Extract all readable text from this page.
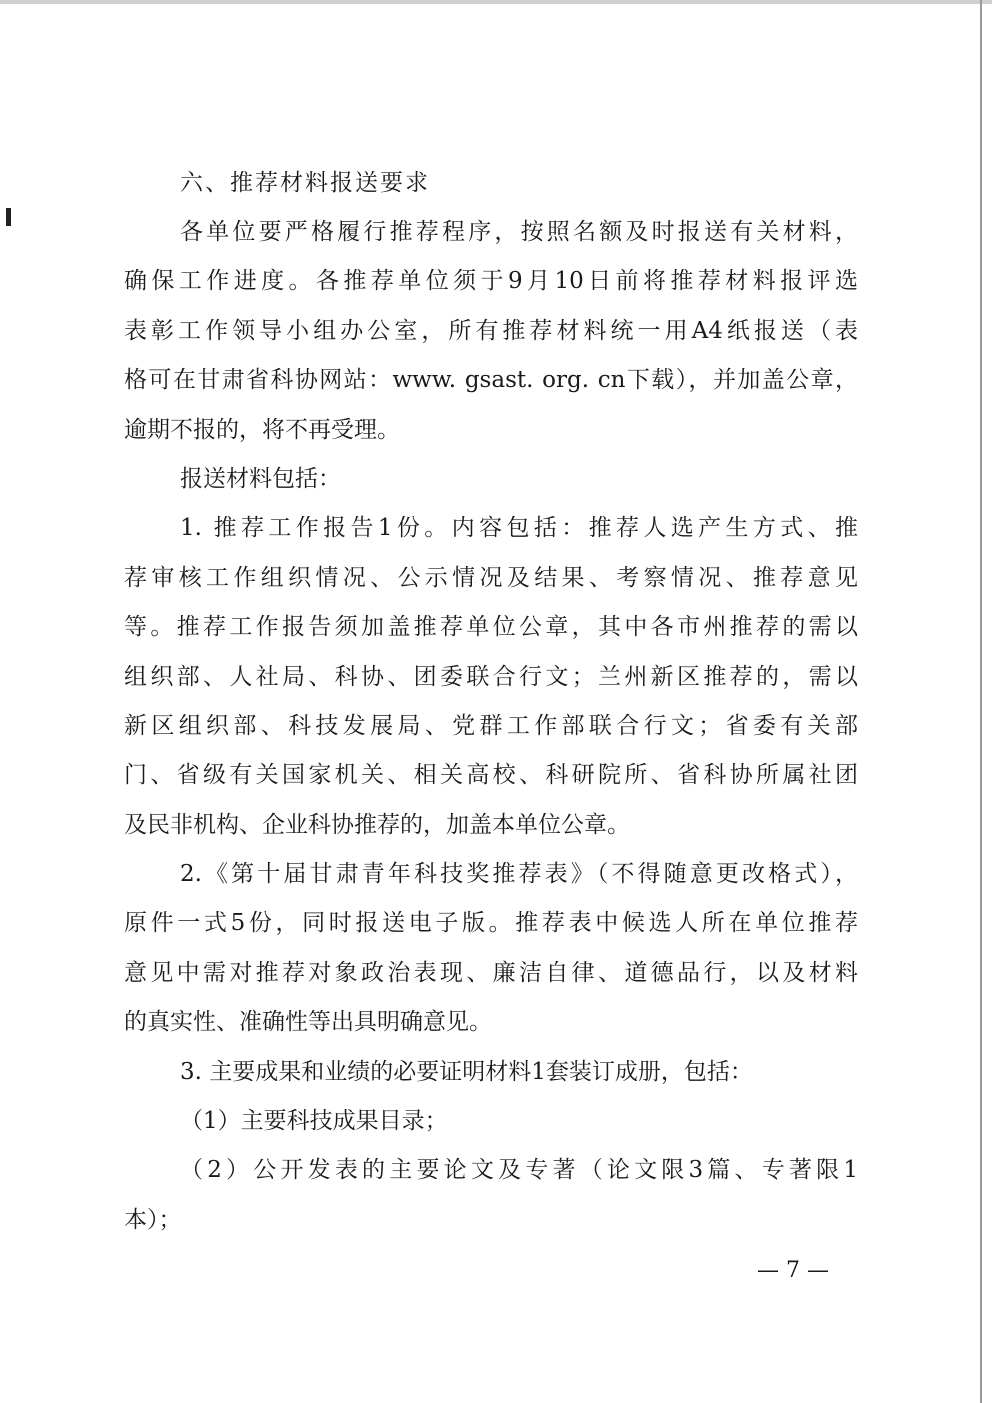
六、推荐材料报送要求
各单位要严格履行推荐程序，按照名额及时报送有关材料，
确保工作进度。各推荐单位须于9月10日前将推荐材料报评选
表彰工作领导小组办公室，所有推荐材料统一用A4纸报送（表
格可在甘肃省科协网站：www. gsast. org. cn下载），并加盖公章，
逾期不报的，将不再受理。
报送材料包括：
1. 推荐工作报告1份。内容包括：推荐人选产生方式、推
荐审核工作组织情况、公示情况及结果、考察情况、推荐意见
等。推荐工作报告须加盖推荐单位公章，其中各市州推荐的需以
组织部、人社局、科协、团委联合行文；兰州新区推荐的，需以
新区组织部、科技发展局、党群工作部联合行文；省委有关部
门、省级有关国家机关、相关高校、科研院所、省科协所属社团
及民非机构、企业科协推荐的，加盖本单位公章。
2.《第十届甘肃青年科技奖推荐表》（不得随意更改格式），
原件一式5份，同时报送电子版。推荐表中候选人所在单位推荐
意见中需对推荐对象政治表现、廉洁自律、道德品行，以及材料
的真实性、准确性等出具明确意见。
3. 主要成果和业绩的必要证明材料1套装订成册，包括：
（1）主要科技成果目录；
（2）公开发表的主要论文及专著（论文限3篇、专著限1
本）；
— 7 —
